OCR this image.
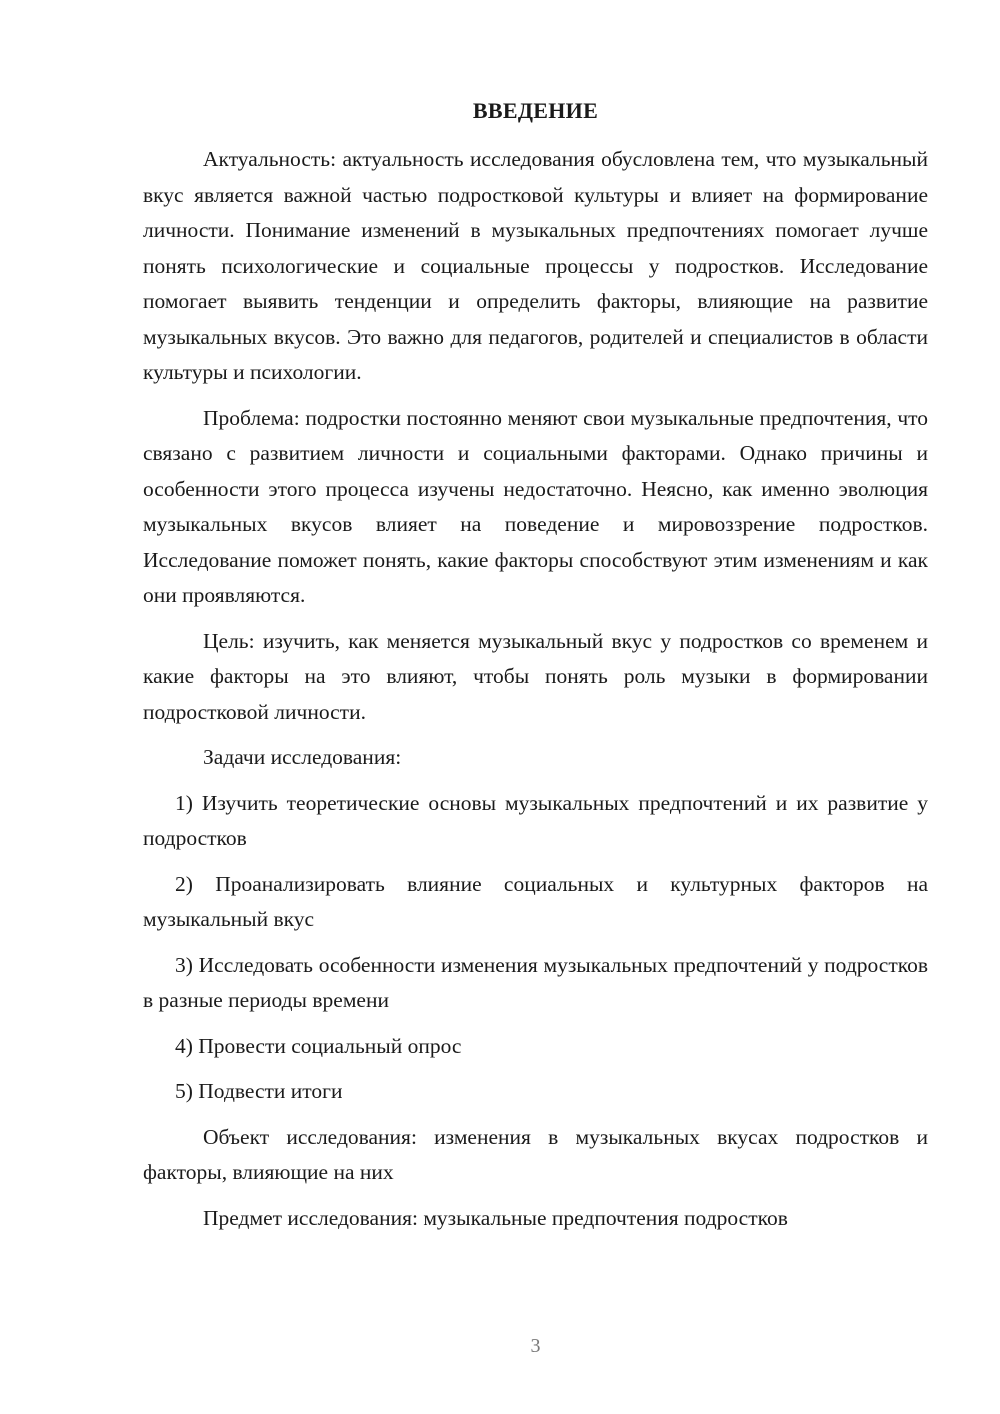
ВВЕДЕНИЕ

Актуальность: актуальность исследования обусловлена тем, что музыкальный вкус является важной частью подростковой культуры и влияет на формирование личности. Понимание изменений в музыкальных предпочтениях помогает лучше понять психологические и социальные процессы у подростков. Исследование помогает выявить тенденции и определить факторы, влияющие на развитие музыкальных вкусов. Это важно для педагогов, родителей и специалистов в области культуры и психологии.

Проблема: подростки постоянно меняют свои музыкальные предпочтения, что связано с развитием личности и социальными факторами. Однако причины и особенности этого процесса изучены недостаточно. Неясно, как именно эволюция музыкальных вкусов влияет на поведение и мировоззрение подростков. Исследование поможет понять, какие факторы способствуют этим изменениям и как они проявляются.

Цель: изучить, как меняется музыкальный вкус у подростков со временем и какие факторы на это влияют, чтобы понять роль музыки в формировании подростковой личности.

Задачи исследования:

1) Изучить теоретические основы музыкальных предпочтений и их развитие у подростков

2) Проанализировать влияние социальных и культурных факторов на музыкальный вкус

3) Исследовать особенности изменения музыкальных предпочтений у подростков в разные периоды времени

4) Провести социальный опрос

5) Подвести итоги

Объект исследования: изменения в музыкальных вкусах подростков и факторы, влияющие на них

Предмет исследования: музыкальные предпочтения подростков

3
